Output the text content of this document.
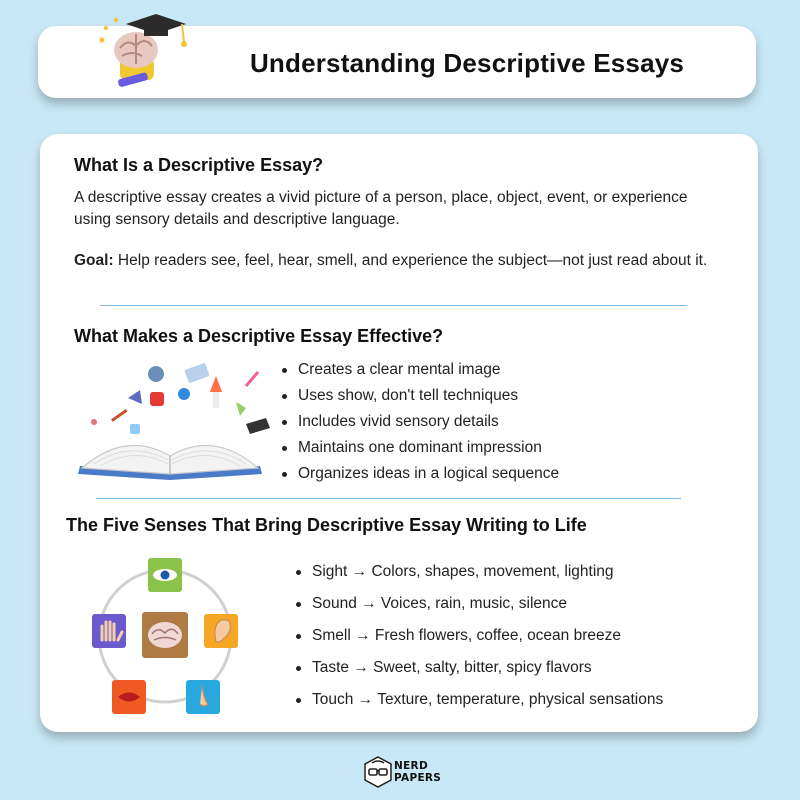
Understanding Descriptive Essays
What Is a Descriptive Essay?
A descriptive essay creates a vivid picture of a person, place, object, event, or experience using sensory details and descriptive language.
Goal: Help readers see, feel, hear, smell, and experience the subject—not just read about it.
What Makes a Descriptive Essay Effective?
Creates a clear mental image
Uses show, don't tell techniques
Includes vivid sensory details
Maintains one dominant impression
Organizes ideas in a logical sequence
The Five Senses That Bring Descriptive Essay Writing to Life
Sight → Colors, shapes, movement, lighting
Sound → Voices, rain, music, silence
Smell → Fresh flowers, coffee, ocean breeze
Taste → Sweet, salty, bitter, spicy flavors
Touch → Texture, temperature, physical sensations
NERD
PAPERS
